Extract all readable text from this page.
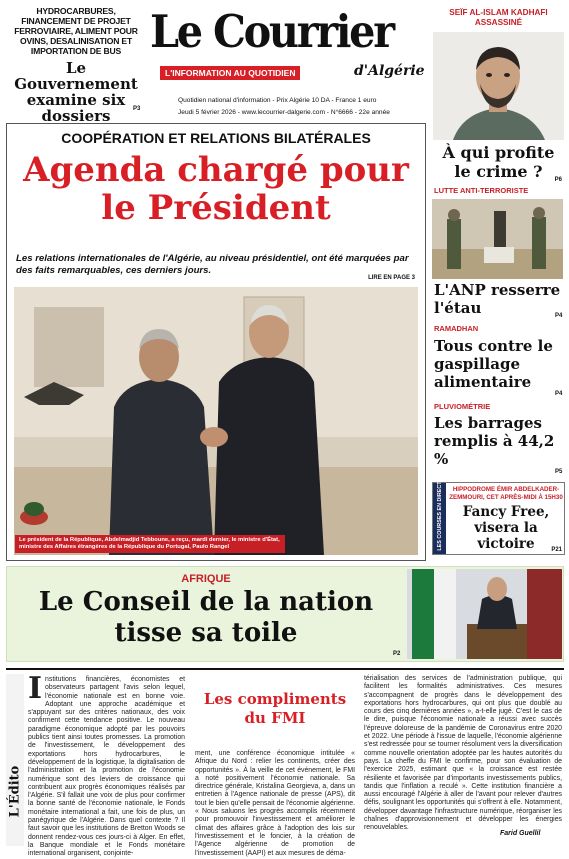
HYDROCARBURES, FINANCEMENT DE PROJET FERROVIAIRE, ALIMENT POUR OVINS, DESALINISATION ET IMPORTATION DE BUS
Le Gouvernement examine six dossiers	P3
Le Courrier
L'INFORMATION AU QUOTIDIEN	d'Algérie
Quotidien national d'information - Prix Algérie 10 DA - France 1 euro
Jeudi 5 février 2026 - www.lecourrier-dalgerie.com - N°6666 - 22e année
SEÏF AL-ISLAM KADHAFI ASSASSINÉ
À qui profite le crime ?	P6
COOPÉRATION ET RELATIONS BILATÉRALES
Agenda chargé pour le Président
Les relations internationales de l'Algérie, au niveau présidentiel, ont été marquées par des faits remarquables, ces derniers jours.
LIRE EN PAGE 3
Le président de la République, Abdelmadjid Tebboune, a reçu, mardi dernier, le ministre d'État, ministre des Affaires étrangères de la République du Portugal, Paulo Rangel
LUTTE ANTI-TERRORISTE
L'ANP resserre l'étau	P4
RAMADHAN
Tous contre le gaspillage alimentaire
P4
PLUVIOMÉTRIE
Les barrages remplis à 44,2 %
P5
LES COURSES EN DIRECT	HIPPODROME ÉMIR ABDELKADER-ZEMMOURI, CET APRÈS-MIDI À 15H30
Fancy Free, visera la victoire	P21
AFRIQUE
Le Conseil de la nation tisse sa toile
P2
L'Édito
Institutions financières, économistes et observateurs partagent l'avis selon lequel, l'économie nationale est en bonne voie. Adoptant une approche académique et s'appuyant sur des critères nationaux, des voix confirment cette tendance positive. Le nouveau paradigme économique adopté par les pouvoirs publics tient ainsi toutes promesses. La promotion de l'investissement, le développement des exportations hors hydrocarbures, le développement de la logistique, la digitalisation de l'administration et la promotion de l'économie numérique sont des leviers de croissance qui contribuent aux progrès économiques réalisés par l'Algérie. S'il fallait une voix de plus pour confirmer la bonne santé de l'économie nationale, le Fonds monétaire international a fait, une fois de plus, un panégyrique de l'Algérie. Dans quel contexte ? Il faut savoir que les institutions de Bretton Woods se donnent rendez-vous ces jours-ci à Alger. En effet, la Banque mondiale et le Fonds monétaire international organisent, conjointe-
Les compliments du FMI
ment, une conférence économique intitulée « Afrique du Nord : relier les continents, créer des opportunités ». À la veille de cet événement, le FMI a noté positivement l'économie nationale. Sa directrice générale, Kristalina Georgieva, a, dans un entretien à l'Agence nationale de presse (APS), dit tout le bien qu'elle pensait de l'économie algérienne. « Nous saluons les progrès accomplis récemment pour promouvoir l'investissement et améliorer le climat des affaires grâce à l'adoption des lois sur l'investissement et le foncier, à la création de l'Agence algérienne de promotion de l'investissement (AAPI) et aux mesures de déma-
térialisation des services de l'administration publique, qui facilitent les formalités administratives. Ces mesures s'accompagnent de progrès dans le développement des exportations hors hydrocarbures, qui ont plus que doublé au cours des cinq dernières années », a-t-elle jugé. C'est le cas de le dire, puisque l'économie nationale a réussi avec succès l'épreuve doloreuse de la pandémie de Coronavirus entre 2020 et 2022. Une période à l'issue de laquelle, l'économie algérienne s'est redressée pour se tourner résolument vers la diversification comme nouvelle orientation adoptée par les hautes autorités du pays. La cheffe du FMI le confirme, pour son évaluation de l'exercice 2025, estimant que « la croissance est restée résiliente et favorisée par d'importants investissements publics, tandis que l'inflation a reculé ». Cette institution financière a aussi encouragé l'Algérie à aller de l'avant pour relever d'autres défis, soulignant les opportunités qui s'offrent à elle. Notamment, développer davantage l'infrastructure numérique, réorganiser les chaînes d'approvisionnement et développer les énergies renouvelables.
Farid Guellil
